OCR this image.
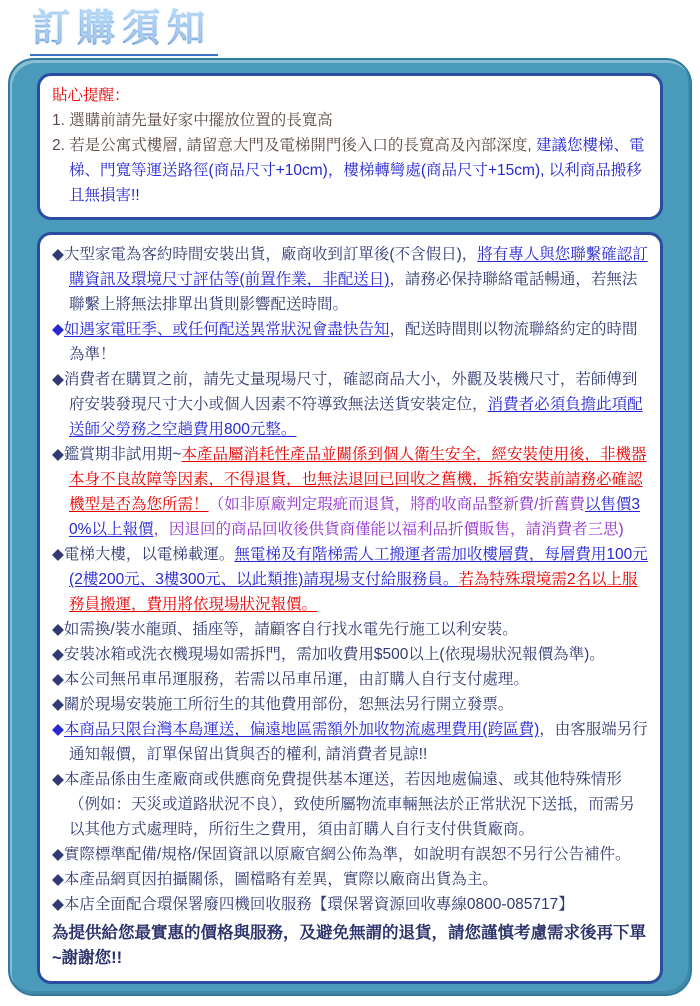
訂購須知

貼心提醒：

1. 選購前請先量好家中擺放位置的長寬高

2. 若是公寓式樓層, 請留意大門及電梯開門後入口的長寬高及內部深度, 建議您樓梯、電梯、門寬等運送路徑(商品尺寸+10cm)，樓梯轉彎處(商品尺寸+15cm), 以利商品搬移且無損害!!

◆大型家電為客約時間安裝出貨，廠商收到訂單後(不含假日)，將有專人與您聯繫確認訂購資訊及環境尺寸評估等(前置作業，非配送日)，請務必保持聯絡電話暢通，若無法聯繫上將無法排單出貨則影響配送時間。

◆如遇家電旺季、或任何配送異常狀況會盡快告知，配送時間則以物流聯絡約定的時間為準！

◆消費者在購買之前，請先丈量現場尺寸，確認商品大小，外觀及裝機尺寸，若師傅到府安裝發現尺寸大小或個人因素不符導致無法送貨安裝定位，消費者必須負擔此項配送師父勞務之空趟費用800元整。

◆鑑賞期非試用期~本產品屬消耗性產品並關係到個人衛生安全，經安裝使用後，非機器本身不良故障等因素，不得退貨，也無法退回已回收之舊機，拆箱安裝前請務必確認機型是否為您所需！（如非原廠判定瑕疵而退貨，將酌收商品整新費/折舊費以售價30%以上報價，因退回的商品回收後供貨商僅能以福利品折價販售，請消費者三思)

◆電梯大樓，以電梯載運。無電梯及有階梯需人工搬運者需加收樓層費，每層費用100元(2樓200元、3樓300元、以此類推)請現場支付給服務員。若為特殊環境需2名以上服務員搬運，費用將依現場狀況報價。

◆如需換/裝水龍頭、插座等，請顧客自行找水電先行施工以利安裝。

◆安裝冰箱或洗衣機現場如需拆門，需加收費用$500以上(依現場狀況報價為準)。

◆本公司無吊車吊運服務，若需以吊車吊運，由訂購人自行支付處理。

◆關於現場安裝施工所衍生的其他費用部份，恕無法另行開立發票。

◆本商品只限台灣本島運送，偏遠地區需額外加收物流處理費用(跨區費)，由客服端另行通知報價，訂單保留出貨與否的權利, 請消費者見諒!!

◆本產品係由生產廠商或供應商免費提供基本運送，若因地處偏遠、或其他特殊情形（例如：天災或道路狀況不良），致使所屬物流車輛無法於正常狀況下送抵，而需另以其他方式處理時，所衍生之費用，須由訂購人自行支付供貨廠商。

◆實際標準配備/規格/保固資訊以原廠官網公佈為準，如說明有誤恕不另行公告補件。

◆本產品網頁因拍攝關係，圖檔略有差異，實際以廠商出貨為主。

◆本店全面配合環保署廢四機回收服務【環保署資源回收專線0800-085717】

為提供給您最實惠的價格與服務，及避免無謂的退貨，請您謹慎考慮需求後再下單~謝謝您!!
